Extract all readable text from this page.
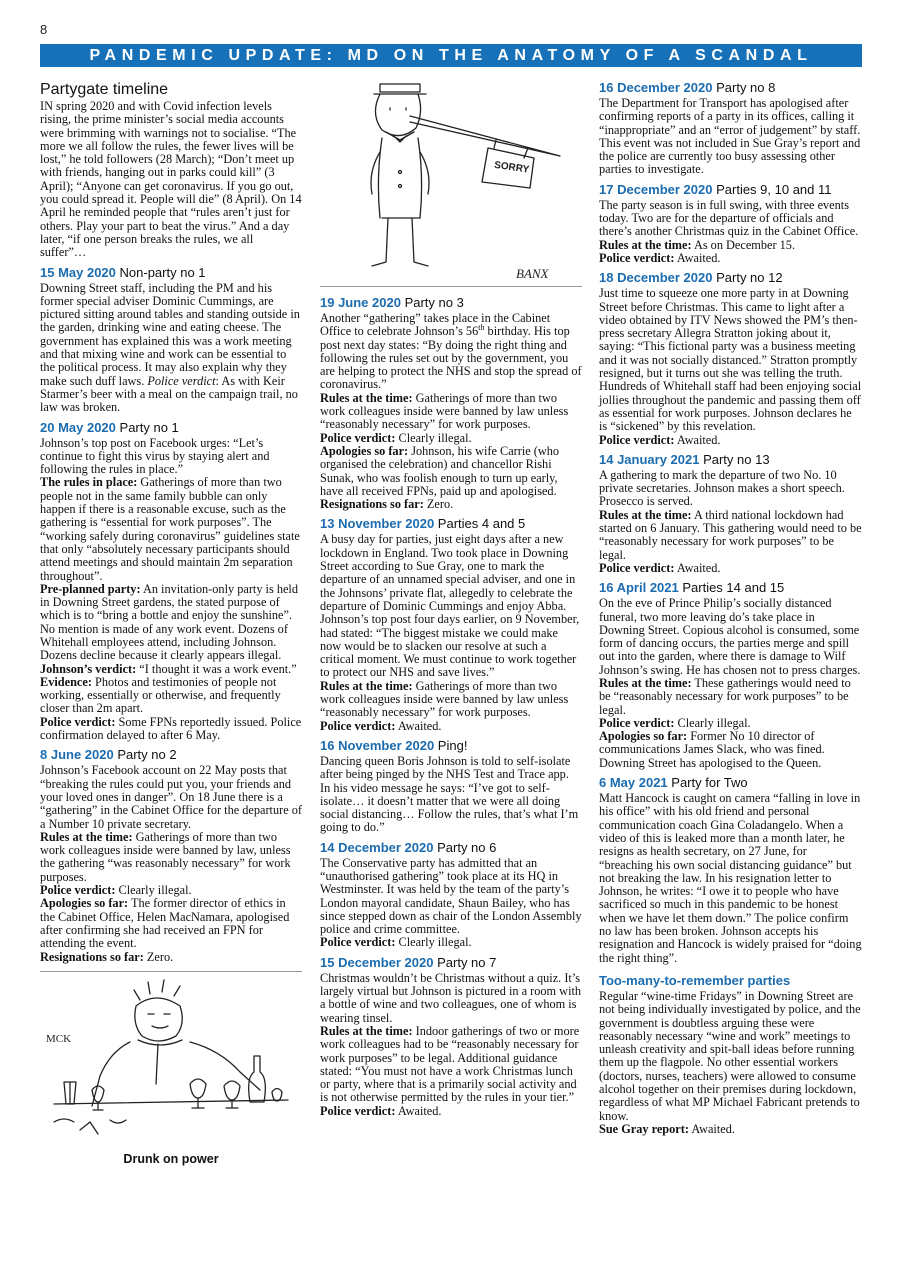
8
PANDEMIC UPDATE: MD ON THE ANATOMY OF A SCANDAL
Partygate timeline

IN spring 2020 and with Covid infection levels rising, the prime minister’s social media accounts were brimming with warnings not to socialise. “The more we all follow the rules, the fewer lives will be lost,” he told followers (28 March); “Don’t meet up with friends, hanging out in parks could kill” (3 April); “Anyone can get coronavirus. If you go out, you could spread it. People will die” (8 April). On 14 April he reminded people that “rules aren’t just for others. Play your part to beat the virus.” And a day later, “if one person breaks the rules, we all suffer”…

15 May 2020 Non-party no 1

Downing Street staff, including the PM and his former special adviser Dominic Cummings, are pictured sitting around tables and standing outside in the garden, drinking wine and eating cheese. The government has explained this was a work meeting and that mixing wine and work can be essential to the political process. It may also explain why they make such duff laws. Police verdict: As with Keir Starmer’s beer with a meal on the campaign trail, no law was broken.

20 May 2020 Party no 1

Johnson’s top post on Facebook urges: “Let’s continue to fight this virus by staying alert and following the rules in place.”

The rules in place: Gatherings of more than two people not in the same family bubble can only happen if there is a reasonable excuse, such as the gathering is “essential for work purposes”. The “working safely during coronavirus” guidelines state that only “absolutely necessary participants should attend meetings and should maintain 2m separation throughout”.

Pre-planned party: An invitation-only party is held in Downing Street gardens, the stated purpose of which is to “bring a bottle and enjoy the sunshine”. No mention is made of any work event. Dozens of Whitehall employees attend, including Johnson. Dozens decline because it clearly appears illegal.

Johnson’s verdict: “I thought it was a work event.”

Evidence: Photos and testimonies of people not working, essentially or otherwise, and frequently closer than 2m apart.

Police verdict: Some FPNs reportedly issued. Police confirmation delayed to after 6 May.

8 June 2020 Party no 2

Johnson’s Facebook account on 22 May posts that “breaking the rules could put you, your friends and your loved ones in danger”. On 18 June there is a “gathering” in the Cabinet Office for the departure of a Number 10 private secretary.

Rules at the time: Gatherings of more than two work colleagues inside were banned by law, unless the gathering “was reasonably necessary” for work purposes.

Police verdict: Clearly illegal.

Apologies so far: The former director of ethics in the Cabinet Office, Helen MacNamara, apologised after confirming she had received an FPN for attending the event.

Resignations so far: Zero.

MCK
Drunk on power
SORRY
BANX
19 June 2020 Party no 3

Another “gathering” takes place in the Cabinet Office to celebrate Johnson’s 56th birthday. His top post next day states: “By doing the right thing and following the rules set out by the government, you are helping to protect the NHS and stop the spread of coronavirus.”

Rules at the time: Gatherings of more than two work colleagues inside were banned by law unless “reasonably necessary” for work purposes.

Police verdict: Clearly illegal.

Apologies so far: Johnson, his wife Carrie (who organised the celebration) and chancellor Rishi Sunak, who was foolish enough to turn up early, have all received FPNs, paid up and apologised.

Resignations so far: Zero.

13 November 2020 Parties 4 and 5

A busy day for parties, just eight days after a new lockdown in England. Two took place in Downing Street according to Sue Gray, one to mark the departure of an unnamed special adviser, and one in the Johnsons’ private flat, allegedly to celebrate the departure of Dominic Cummings and enjoy Abba. Johnson’s top post four days earlier, on 9 November, had stated: “The biggest mistake we could make now would be to slacken our resolve at such a critical moment. We must continue to work together to protect our NHS and save lives.”

Rules at the time: Gatherings of more than two work colleagues inside were banned by law unless “reasonably necessary” for work purposes.

Police verdict: Awaited.

16 November 2020 Ping!

Dancing queen Boris Johnson is told to self-isolate after being pinged by the NHS Test and Trace app. In his video message he says: “I’ve got to self-isolate… it doesn’t matter that we were all doing social distancing… Follow the rules, that’s what I’m going to do.”

14 December 2020 Party no 6

The Conservative party has admitted that an “unauthorised gathering” took place at its HQ in Westminster. It was held by the team of the party’s London mayoral candidate, Shaun Bailey, who has since stepped down as chair of the London Assembly police and crime committee.

Police verdict: Clearly illegal.

15 December 2020 Party no 7

Christmas wouldn’t be Christmas without a quiz. It’s largely virtual but Johnson is pictured in a room with a bottle of wine and two colleagues, one of whom is wearing tinsel.

Rules at the time: Indoor gatherings of two or more work colleagues had to be “reasonably necessary for work purposes” to be legal. Additional guidance stated: “You must not have a work Christmas lunch or party, where that is a primarily social activity and is not otherwise permitted by the rules in your tier.”

Police verdict: Awaited.

16 December 2020 Party no 8

The Department for Transport has apologised after confirming reports of a party in its offices, calling it “inappropriate” and an “error of judgement” by staff. This event was not included in Sue Gray’s report and the police are currently too busy assessing other parties to investigate.

17 December 2020 Parties 9, 10 and 11

The party season is in full swing, with three events today. Two are for the departure of officials and there’s another Christmas quiz in the Cabinet Office.

Rules at the time: As on December 15.

Police verdict: Awaited.

18 December 2020 Party no 12

Just time to squeeze one more party in at Downing Street before Christmas. This came to light after a video obtained by ITV News showed the PM’s then-press secretary Allegra Stratton joking about it, saying: “This fictional party was a business meeting and it was not socially distanced.” Stratton promptly resigned, but it turns out she was telling the truth. Hundreds of Whitehall staff had been enjoying social jollies throughout the pandemic and passing them off as essential for work purposes. Johnson declares he is “sickened” by this revelation.

Police verdict: Awaited.

14 January 2021 Party no 13

A gathering to mark the departure of two No. 10 private secretaries. Johnson makes a short speech. Prosecco is served.

Rules at the time: A third national lockdown had started on 6 January. This gathering would need to be “reasonably necessary for work purposes” to be legal.

Police verdict: Awaited.

16 April 2021 Parties 14 and 15

On the eve of Prince Philip’s socially distanced funeral, two more leaving do’s take place in Downing Street. Copious alcohol is consumed, some form of dancing occurs, the parties merge and spill out into the garden, where there is damage to Wilf Johnson’s swing. He has chosen not to press charges.

Rules at the time: These gatherings would need to be “reasonably necessary for work purposes” to be legal.

Police verdict: Clearly illegal.

Apologies so far: Former No 10 director of communications James Slack, who was fined. Downing Street has apologised to the Queen.

6 May 2021 Party for Two

Matt Hancock is caught on camera “falling in love in his office” with his old friend and personal communication coach Gina Coladangelo. When a video of this is leaked more than a month later, he resigns as health secretary, on 27 June, for “breaching his own social distancing guidance” but not breaking the law. In his resignation letter to Johnson, he writes: “I owe it to people who have sacrificed so much in this pandemic to be honest when we have let them down.” The police confirm no law has been broken. Johnson accepts his resignation and Hancock is widely praised for “doing the right thing”.

Too-many-to-remember parties

Regular “wine-time Fridays” in Downing Street are not being individually investigated by police, and the government is doubtless arguing these were reasonably necessary “wine and work” meetings to unleash creativity and spit-ball ideas before running them up the flagpole. No other essential workers (doctors, nurses, teachers) were allowed to consume alcohol together on their premises during lockdown, regardless of what MP Michael Fabricant pretends to know.

Sue Gray report: Awaited.
